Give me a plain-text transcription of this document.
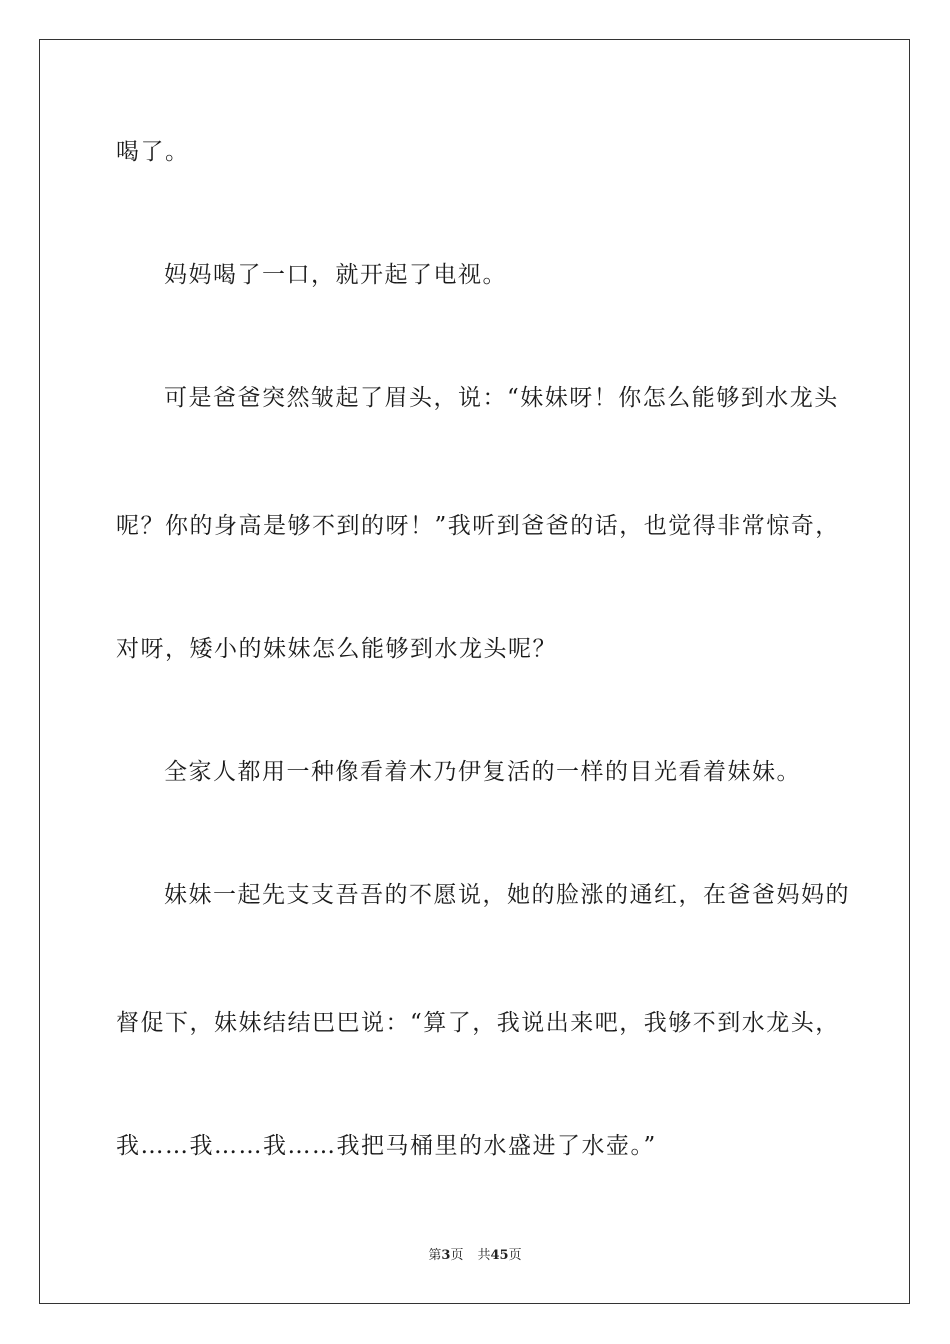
喝了。
妈妈喝了一口，就开起了电视。
可是爸爸突然皱起了眉头，说：“妹妹呀！你怎么能够到水龙头
呢？你的身高是够不到的呀！”我听到爸爸的话，也觉得非常惊奇，
对呀，矮小的妹妹怎么能够到水龙头呢？
全家人都用一种像看着木乃伊复活的一样的目光看着妹妹。
妹妹一起先支支吾吾的不愿说，她的脸涨的通红，在爸爸妈妈的
督促下，妹妹结结巴巴说：“算了，我说出来吧，我够不到水龙头，
我……我……我……我把马桶里的水盛进了水壶。”
第3页 共45页
